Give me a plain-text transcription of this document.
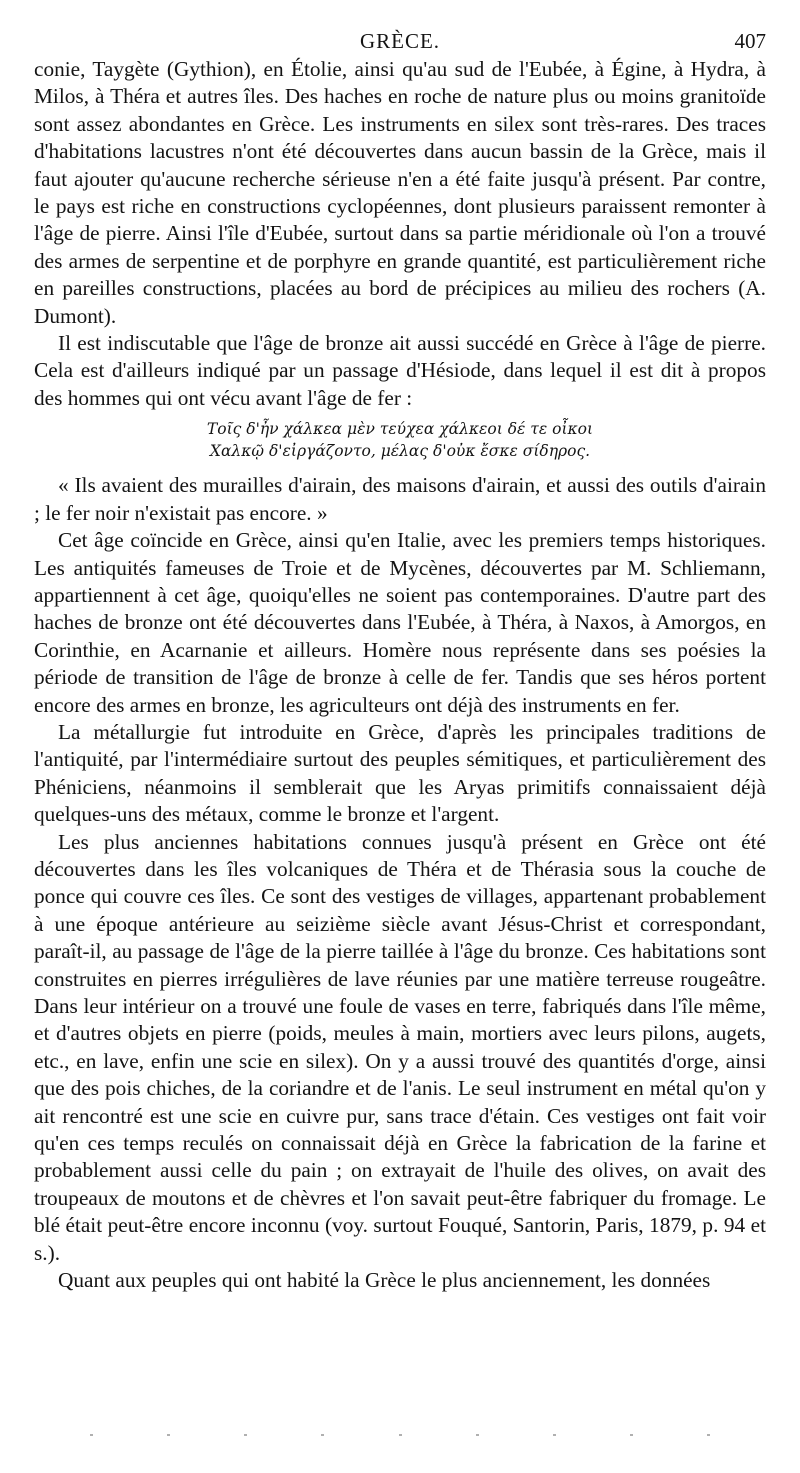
GRÈCE.	407

conie, Taygète (Gythion), en Étolie, ainsi qu'au sud de l'Eubée, à Égine, à Hydra, à Milos, à Théra et autres îles. Des haches en roche de nature plus ou moins granitoïde sont assez abondantes en Grèce. Les instruments en silex sont très-rares. Des traces d'habitations lacustres n'ont été découvertes dans aucun bassin de la Grèce, mais il faut ajouter qu'aucune recherche sérieuse n'en a été faite jusqu'à présent. Par contre, le pays est riche en constructions cyclopéennes, dont plusieurs paraissent remonter à l'âge de pierre. Ainsi l'île d'Eubée, surtout dans sa partie méridionale où l'on a trouvé des armes de serpentine et de porphyre en grande quantité, est particulièrement riche en pareilles constructions, placées au bord de précipices au milieu des rochers (A. Dumont).

Il est indiscutable que l'âge de bronze ait aussi succédé en Grèce à l'âge de pierre. Cela est d'ailleurs indiqué par un passage d'Hésiode, dans lequel il est dit à propos des hommes qui ont vécu avant l'âge de fer :

Τοῖς δ'ἦν χάλκεα μὲν τεύχεα χάλκεοι δέ τε οἶκοι
Χαλκῷ δ'εἰργάζοντο, μέλας δ'οὐκ ἔσκε σίδηρος.

« Ils avaient des murailles d'airain, des maisons d'airain, et aussi des outils d'airain ; le fer noir n'existait pas encore. »

Cet âge coïncide en Grèce, ainsi qu'en Italie, avec les premiers temps historiques. Les antiquités fameuses de Troie et de Mycènes, découvertes par M. Schliemann, appartiennent à cet âge, quoiqu'elles ne soient pas contemporaines. D'autre part des haches de bronze ont été découvertes dans l'Eubée, à Théra, à Naxos, à Amorgos, en Corinthie, en Acarnanie et ailleurs. Homère nous représente dans ses poésies la période de transition de l'âge de bronze à celle de fer. Tandis que ses héros portent encore des armes en bronze, les agriculteurs ont déjà des instruments en fer.

La métallurgie fut introduite en Grèce, d'après les principales traditions de l'antiquité, par l'intermédiaire surtout des peuples sémitiques, et particulièrement des Phéniciens, néanmoins il semblerait que les Aryas primitifs connaissaient déjà quelques-uns des métaux, comme le bronze et l'argent.

Les plus anciennes habitations connues jusqu'à présent en Grèce ont été découvertes dans les îles volcaniques de Théra et de Thérasia sous la couche de ponce qui couvre ces îles. Ce sont des vestiges de villages, appartenant probablement à une époque antérieure au seizième siècle avant Jésus-Christ et correspondant, paraît-il, au passage de l'âge de la pierre taillée à l'âge du bronze. Ces habitations sont construites en pierres irrégulières de lave réunies par une matière terreuse rougeâtre. Dans leur intérieur on a trouvé une foule de vases en terre, fabriqués dans l'île même, et d'autres objets en pierre (poids, meules à main, mortiers avec leurs pilons, augets, etc., en lave, enfin une scie en silex). On y a aussi trouvé des quantités d'orge, ainsi que des pois chiches, de la coriandre et de l'anis. Le seul instrument en métal qu'on y ait rencontré est une scie en cuivre pur, sans trace d'étain. Ces vestiges ont fait voir qu'en ces temps reculés on connaissait déjà en Grèce la fabrication de la farine et probablement aussi celle du pain ; on extrayait de l'huile des olives, on avait des troupeaux de moutons et de chèvres et l'on savait peut-être fabriquer du fromage. Le blé était peut-être encore inconnu (voy. surtout Fouqué, Santorin, Paris, 1879, p. 94 et s.).

Quant aux peuples qui ont habité la Grèce le plus anciennement, les données
